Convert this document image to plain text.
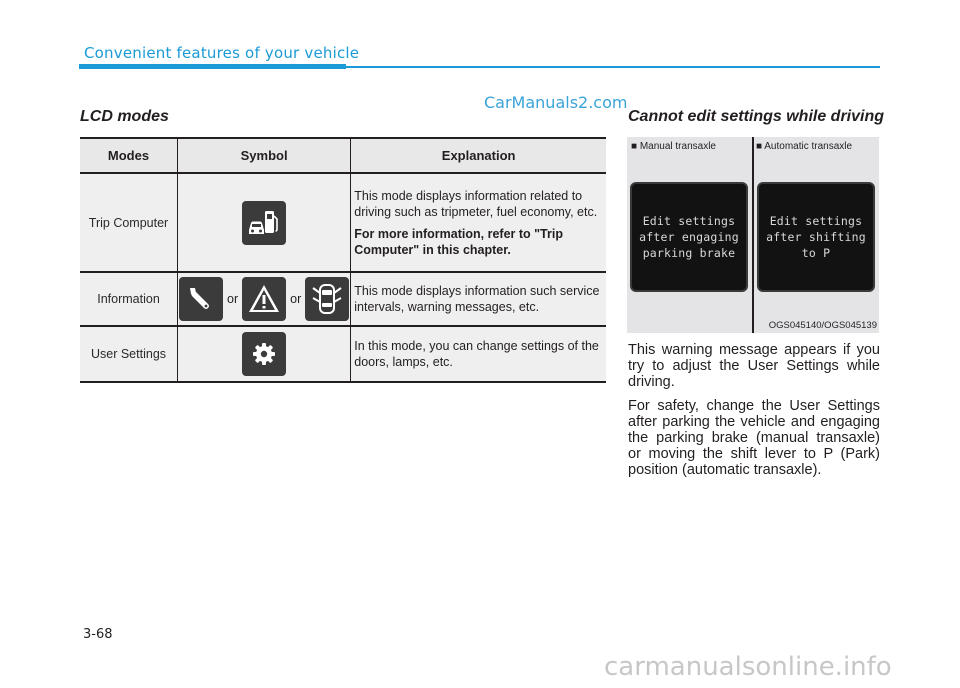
Convenient features of your vehicle
CarManuals2.com
LCD modes	Cannot edit settings while driving
Modes	Symbol	Explanation
Trip Computer		This mode displays information related to driving such as tripmeter, fuel economy, etc.
For more information, refer to "Trip Computer" in this chapter.

Information	or or	This mode displays information such service intervals, warning messages, etc.

User Settings		In this mode, you can change settings of the doors, lamps, etc.
■ Manual transaxle	■ Automatic transaxle
Edit settings
after engaging
parking brake
Edit settings
after shifting
to P
OGS045140/OGS045139

This warning message appears if you try to adjust the User Settings while driving.

For safety, change the User Settings after parking the vehicle and engaging the parking brake (manual transaxle) or moving the shift lever to P (Park) position (automatic transaxle).

3-68
carmanualsonline.info
